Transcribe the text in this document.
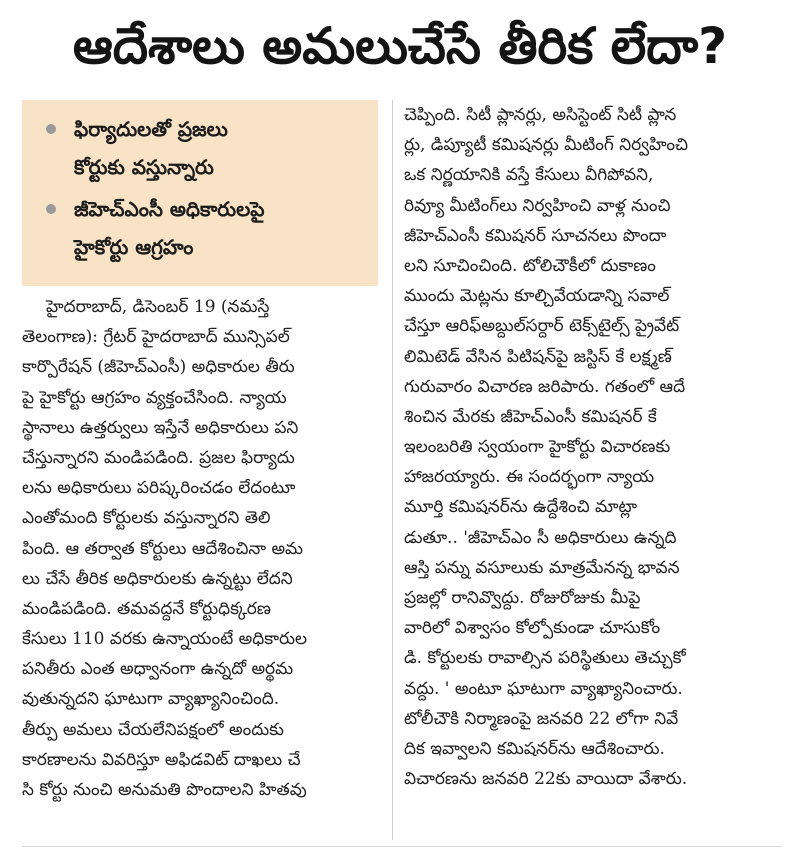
ఆదేశాలు అమలుచేసే తీరిక లేదా?
ఫిర్యాదులతో ప్రజలు
కోర్టుకు వస్తున్నారు
జీహెచ్‌ఎంసీ అధికారులపై
హైకోర్టు ఆగ్రహం
హైదరాబాద్, డిసెంబర్ 19 (నమస్తే
తెలంగాణ): గ్రేటర్ హైదరాబాద్ మున్సిపల్
కార్పొరేషన్ (జీహెచ్ఎంసీ) అధికారుల తీరు
పై హైకోర్టు ఆగ్రహం వ్యక్తంచేసింది. న్యాయ
స్థానాలు ఉత్తర్వులు ఇస్తేనే అధికారులు పని
చేస్తున్నారని మండిపడింది. ప్రజల ఫిర్యాదు
లను అధికారులు పరిష్కరించడం లేదంటూ
ఎంతోమంది కోర్టులకు వస్తున్నారని తెలి
పింది. ఆ తర్వాత కోర్టులు ఆదేశించినా అమ
లు చేసే తీరిక అధికారులకు ఉన్నట్టు లేదని
మండిపడింది. తమవద్దనే కోర్టుధిక్కరణ
కేసులు 110 వరకు ఉన్నాయంటే అధికారుల
పనితీరు ఎంత అధ్వానంగా ఉన్నదో అర్థమ
వుతున్నదని ఘాటుగా వ్యాఖ్యానించింది.
తీర్పు అమలు చేయలేనిపక్షంలో అందుకు
కారణాలను వివరిస్తూ అఫిడవిట్ దాఖలు చే
సి కోర్టు నుంచి అనుమతి పొందాలని హితవు
చెప్పింది. సిటీ ప్లానర్లు, అసిస్టెంట్ సిటీ ప్లాన
ర్లు, డిప్యూటీ కమిషనర్లు మీటింగ్ నిర్వహించి
ఒక నిర్ణయానికి వస్తే కేసులు వీగిపోవని,
రివ్యూ మీటింగ్‌లు నిర్వహించి వాళ్ల నుంచి
జీహెచ్ఎంసీ కమిషనర్ సూచనలు పొందా
లని సూచించింది. టోలిచౌకీలో దుకాణం
ముందు మెట్లను కూల్చివేయడాన్ని సవాల్
చేస్తూ ఆరిఫ్‌అబ్దుల్‌సర్దార్ టెక్స్‌టైల్స్ ప్రైవేట్
లిమిటెడ్ వేసిన పిటిషన్‌పై జస్టిస్ కే లక్ష్మణ్
గురువారం విచారణ జరిపారు. గతంలో ఆదే
శించిన మేరకు జీహెచ్ఎంసీ కమిషనర్ కే
ఇలంబరితి స్వయంగా హైకోర్టు విచారణకు
హాజరయ్యారు. ఈ సందర్భంగా న్యాయ
మూర్తి కమిషనర్‌ను ఉద్దేశించి మాట్లా
డుతూ.. 'జీహెచ్ఎం సీ అధికారులు ఉన్నది
ఆస్తి పన్ను వసూలుకు మాత్రమేనన్న భావన
ప్రజల్లో రానివ్వొద్దు. రోజురోజుకు మీపై
వారిలో విశ్వాసం కోల్పోకుండా చూసుకోం
డి. కోర్టులకు రావాల్సిన పరిస్థితులు తెచ్చుకో
వద్దు. ' అంటూ ఘాటుగా వ్యాఖ్యానించారు.
టోలీచౌకి నిర్మాణంపై జనవరి 22 లోగా నివే
దిక ఇవ్వాలని కమిషనర్‌ను ఆదేశించారు.
విచారణను జనవరి 22కు వాయిదా వేశారు.
